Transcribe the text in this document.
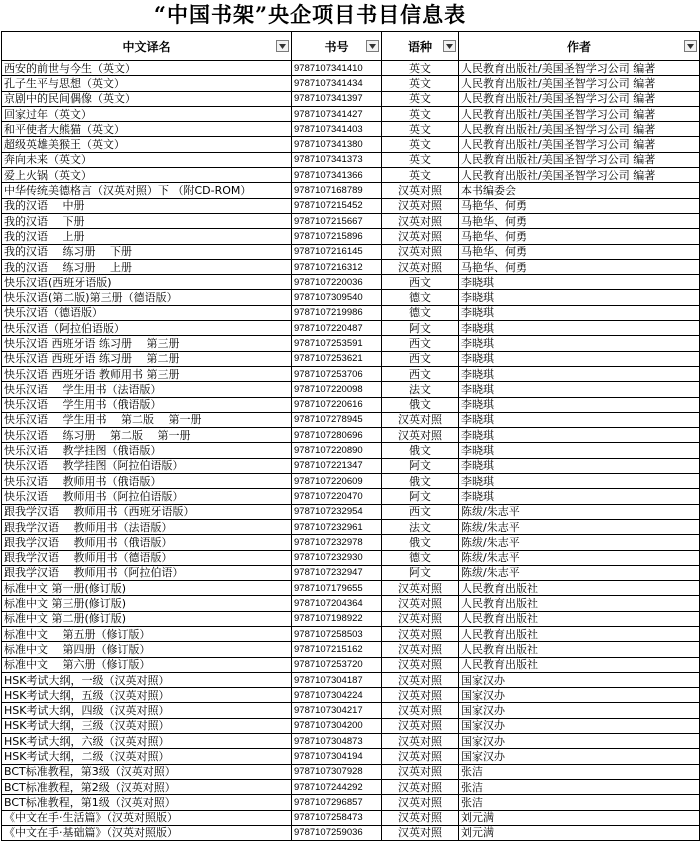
“中国书架”央企项目书目信息表
中文译名	书号	语种	作者

西安的前世与今生（英文）	9787107341410	英文	人民教育出版社/美国圣智学习公司 编著
孔子生平与思想（英文）	9787107341434	英文	人民教育出版社/美国圣智学习公司 编著
京剧中的民间偶像（英文）	9787107341397	英文	人民教育出版社/美国圣智学习公司 编著
回家过年（英文）	9787107341427	英文	人民教育出版社/美国圣智学习公司 编著
和平使者大熊猫（英文）	9787107341403	英文	人民教育出版社/美国圣智学习公司 编著
超级英雄美猴王（英文）	9787107341380	英文	人民教育出版社/美国圣智学习公司 编著
奔向未来（英文）	9787107341373	英文	人民教育出版社/美国圣智学习公司 编著
爱上火锅（英文）	9787107341366	英文	人民教育出版社/美国圣智学习公司 编著
中华传统美德格言（汉英对照）下 （附CD-ROM）	9787107168789	汉英对照	本书编委会
我的汉语　 中册	9787107215452	汉英对照	马艳华、何勇
我的汉语　 下册	9787107215667	汉英对照	马艳华、何勇
我的汉语　 上册	9787107215896	汉英对照	马艳华、何勇
我的汉语　 练习册　 下册	9787107216145	汉英对照	马艳华、何勇
我的汉语　 练习册　 上册	9787107216312	汉英对照	马艳华、何勇
快乐汉语(西班牙语版)	9787107220036	西文	李晓琪
快乐汉语(第二版)第三册（德语版）	9787107309540	德文	李晓琪
快乐汉语（德语版）	9787107219986	德文	李晓琪
快乐汉语（阿拉伯语版）	9787107220487	阿文	李晓琪
快乐汉语 西班牙语 练习册　 第三册	9787107253591	西文	李晓琪
快乐汉语 西班牙语 练习册　 第二册	9787107253621	西文	李晓琪
快乐汉语 西班牙语 教师用书 第三册	9787107253706	西文	李晓琪
快乐汉语　 学生用书（法语版）	9787107220098	法文	李晓琪
快乐汉语　 学生用书（俄语版）	9787107220616	俄文	李晓琪
快乐汉语　 学生用书　 第二版　 第一册	9787107278945	汉英对照	李晓琪
快乐汉语　 练习册　 第二版　 第一册	9787107280696	汉英对照	李晓琪
快乐汉语　 教学挂图（俄语版）	9787107220890	俄文	李晓琪
快乐汉语　 教学挂图（阿拉伯语版）	9787107221347	阿文	李晓琪
快乐汉语　 教师用书（俄语版）	9787107220609	俄文	李晓琪
快乐汉语　 教师用书（阿拉伯语版）	9787107220470	阿文	李晓琪
跟我学汉语　 教师用书（西班牙语版）	9787107232954	西文	陈绂/朱志平
跟我学汉语　 教师用书（法语版）	9787107232961	法文	陈绂/朱志平
跟我学汉语　 教师用书（俄语版）	9787107232978	俄文	陈绂/朱志平
跟我学汉语　 教师用书（德语版）	9787107232930	德文	陈绂/朱志平
跟我学汉语　 教师用书（阿拉伯语）	9787107232947	阿文	陈绂/朱志平
标准中文 第一册(修订版)	9787107179655	汉英对照	人民教育出版社
标准中文 第三册(修订版)	9787107204364	汉英对照	人民教育出版社
标准中文 第二册(修订版)	9787107198922	汉英对照	人民教育出版社
标准中文　 第五册（修订版）	9787107258503	汉英对照	人民教育出版社
标准中文　 第四册（修订版）	9787107215162	汉英对照	人民教育出版社
标准中文　 第六册（修订版）	9787107253720	汉英对照	人民教育出版社
HSK考试大纲，一级（汉英对照）	9787107304187	汉英对照	国家汉办
HSK考试大纲，五级（汉英对照）	9787107304224	汉英对照	国家汉办
HSK考试大纲，四级（汉英对照）	9787107304217	汉英对照	国家汉办
HSK考试大纲，三级（汉英对照）	9787107304200	汉英对照	国家汉办
HSK考试大纲，六级（汉英对照）	9787107304873	汉英对照	国家汉办
HSK考试大纲，二级（汉英对照）	9787107304194	汉英对照	国家汉办
BCT标准教程，第3级（汉英对照）	9787107307928	汉英对照	张洁
BCT标准教程，第2级（汉英对照）	9787107244292	汉英对照	张洁
BCT标准教程，第1级（汉英对照）	9787107296857	汉英对照	张洁
《中文在手·生活篇》（汉英对照版）	9787107258473	汉英对照	刘元满
《中文在手·基础篇》（汉英对照版）	9787107259036	汉英对照	刘元满
